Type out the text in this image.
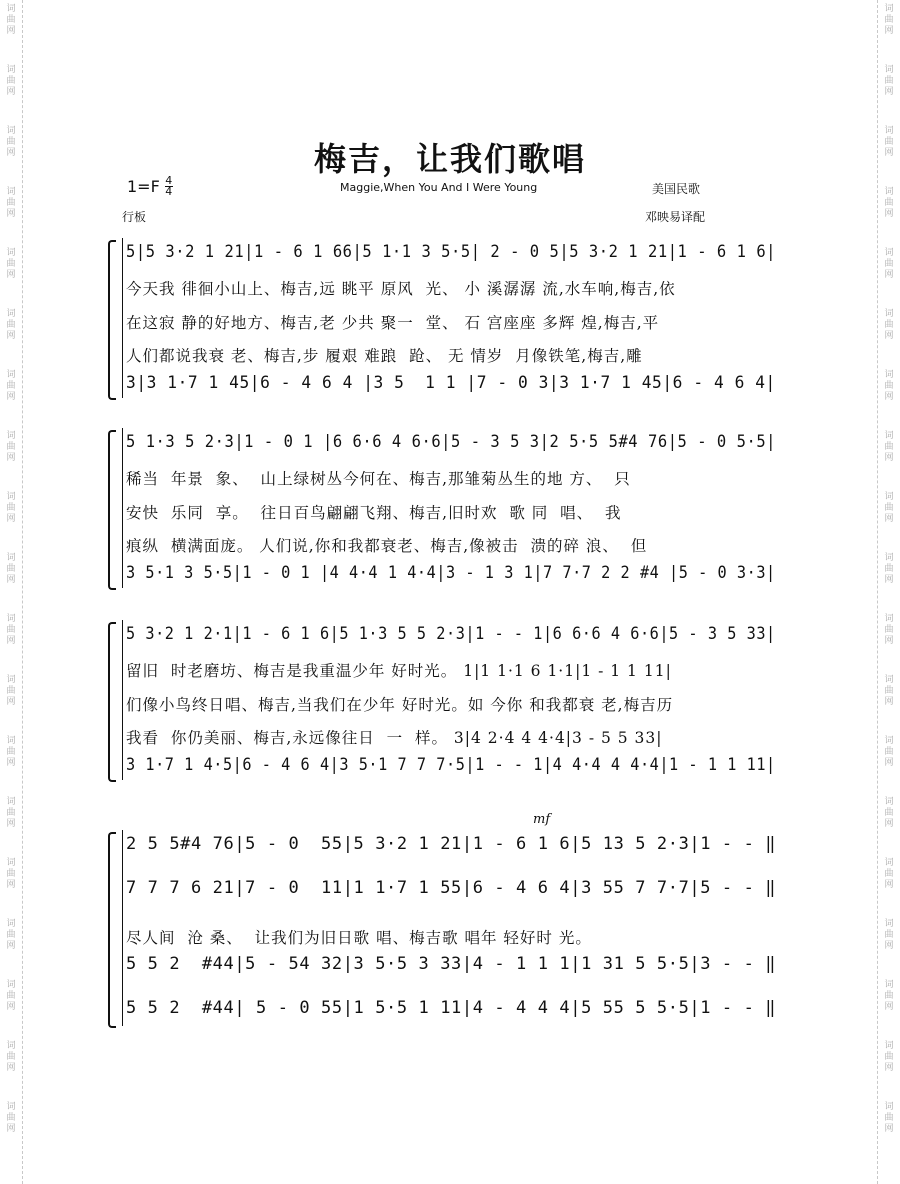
词
曲
网
词
曲
网
词
曲
网
词
曲
网
词
曲
网
词
曲
网
词
曲
网
词
曲
网
词
曲
网
词
曲
网
词
曲
网
词
曲
网
词
曲
网
词
曲
网
词
曲
网
词
曲
网
词
曲
网
词
曲
网
词
曲
网
词
曲
网
词
曲
网
词
曲
网
词
曲
网
词
曲
网
词
曲
网
词
曲
网
词
曲
网
词
曲
网
词
曲
网
词
曲
网
词
曲
网
词
曲
网
词
曲
网
词
曲
网
词
曲
网
词
曲
网
词
曲
网
词
曲
网
梅吉，让我们歌唱
1=F 4
4	Maggie,When You And I Were Young	美国民歌
行板	邓映易译配
mf
5|5 3·2 1 21|1 - 6 1 66|5 1·1 3 5·5| 2 - 0 5|5 3·2 1 21|1 - 6 1 6|
今天我 徘徊小山上、梅吉,远 眺平 原风  光、 小 溪潺潺 流,水车响,梅吉,依
在这寂 静的好地方、梅吉,老 少共 聚一  堂、 石 宫座座 多辉 煌,梅吉,平
人们都说我衰 老、梅吉,步 履艰 难踉  跄、 无 情岁  月像铁笔,梅吉,雕
3|3 1·7 1 45|6 - 4 6 4 |3 5  1 1 |7 - 0 3|3 1·7 1 45|6 - 4 6 4|
5 1·3 5 2·3|1 - 0 1 |6 6·6 4 6·6|5 - 3 5 3|2 5·5 5#4 76|5 - 0 5·5|
稀当  年景  象、  山上绿树丛今何在、梅吉,那雏菊丛生的地 方、  只
安快  乐同  享。  往日百鸟翩翩飞翔、梅吉,旧时欢  歌 同  唱、  我
痕纵  横满面庞。 人们说,你和我都衰老、梅吉,像被击  溃的碎 浪、  但
3 5·1 3 5·5|1 - 0 1 |4 4·4 1 4·4|3 - 1 3 1|7 7·7 2 2 #4 |5 - 0 3·3|
5 3·2 1 2·1|1 - 6 1 6|5 1·3 5 5 2·3|1 - - 1|6 6·6 4 6·6|5 - 3 5 33|
留旧  时老磨坊、梅吉是我重温少年 好时光。 1|1 1·1 6 1·1|1 - 1 1 11|
们像小鸟终日唱、梅吉,当我们在少年 好时光。如 今你 和我都衰 老,梅吉历
我看  你仍美丽、梅吉,永远像往日  一  样。 3|4 2·4 4 4·4|3 - 5 5 33|
3 1·7 1 4·5|6 - 4 6 4|3 5·1 7 7 7·5|1 - - 1|4 4·4 4 4·4|1 - 1 1 11|
2 5 5#4 76|5 - 0  55|5 3·2 1 21|1 - 6 1 6|5 13 5 2·3|1 - - ‖
7 7 7 6 21|7 - 0  11|1 1·7 1 55|6 - 4 6 4|3 55 7 7·7|5 - - ‖
尽人间  沧 桑、  让我们为旧日歌 唱、梅吉歌 唱年 轻好时 光。
5 5 2  #44|5 - 54 32|3 5·5 3 33|4 - 1 1 1|1 31 5 5·5|3 - - ‖
5 5 2  #44| 5 - 0 55|1 5·5 1 11|4 - 4 4 4|5 55 5 5·5|1 - - ‖
